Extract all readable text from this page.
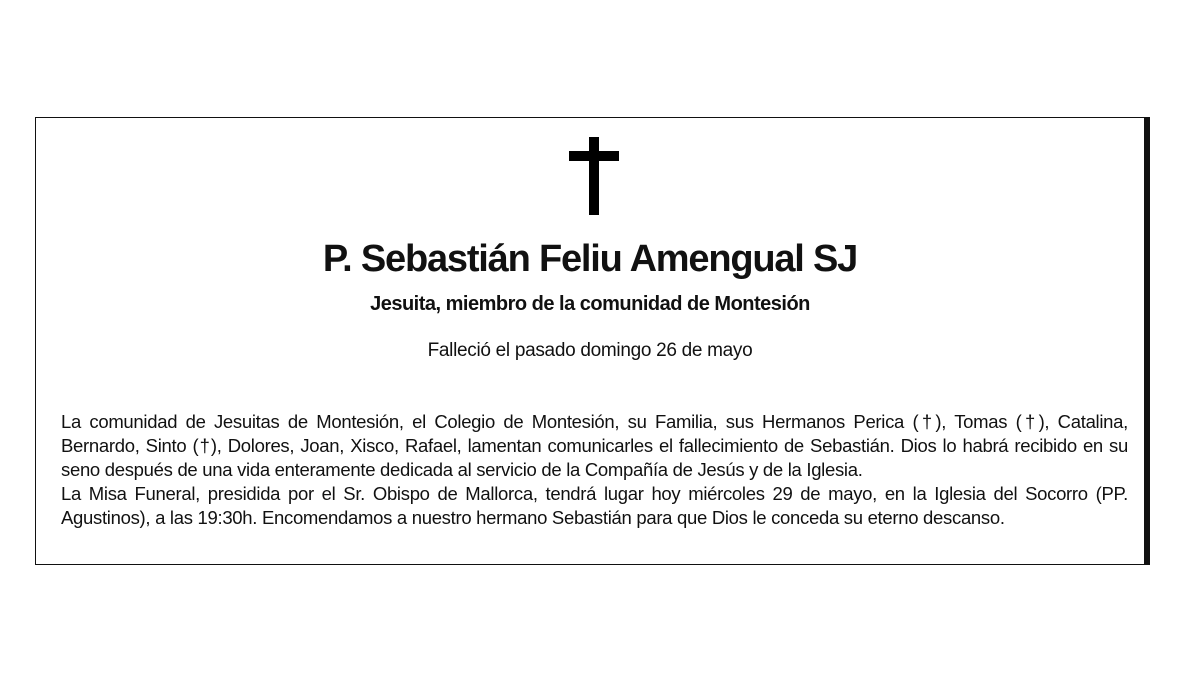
P. Sebastián Feliu Amengual SJ
Jesuita, miembro de la comunidad de Montesión
Falleció el pasado domingo 26 de mayo

La comunidad de Jesuitas de Montesión, el Colegio de Montesión, su Familia, sus Hermanos Perica (†), Tomas (†), Catalina, Bernardo, Sinto (†), Dolores, Joan, Xisco, Rafael, lamentan comunicarles el fallecimiento de Sebastián. Dios lo habrá recibido en su seno después de una vida enteramente dedicada al servicio de la Compañía de Jesús y de la Iglesia.

La Misa Funeral, presidida por el Sr. Obispo de Mallorca, tendrá lugar hoy miércoles 29 de mayo, en la Iglesia del Socorro (PP. Agustinos), a las 19:30h. Encomendamos a nuestro hermano Sebastián para que Dios le conceda su eterno descanso.
